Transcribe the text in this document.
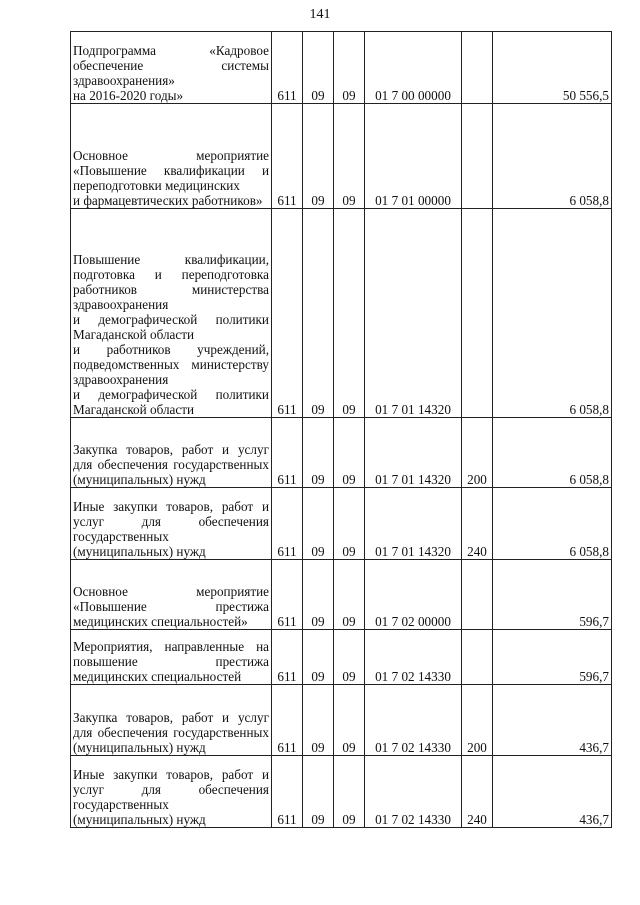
141
Подпрограмма «Кадровое обеспечение системы здравоохранения»
на 2016-2020 годы»	611	09	09	01 7 00 00000		50 556,5

Основное мероприятие «Повышение квалификации и переподготовки медицинских
и фармацевтических работников»	611	09	09	01 7 01 00000		6 058,8

Повышение квалификации, подготовка и переподготовка работников министерства здравоохранения
и демографической политики Магаданской области
и работников учреждений, подведомственных министерству здравоохранения
и демографической политики Магаданской области	611	09	09	01 7 01 14320		6 058,8

Закупка товаров, работ и услуг для обеспечения государственных (муниципальных) нужд	611	09	09	01 7 01 14320	200	6 058,8

Иные закупки товаров, работ и услуг для обеспечения государственных (муниципальных) нужд	611	09	09	01 7 01 14320	240	6 058,8

Основное мероприятие «Повышение престижа медицинских специальностей»	611	09	09	01 7 02 00000		596,7

Мероприятия, направленные на повышение престижа медицинских специальностей	611	09	09	01 7 02 14330		596,7

Закупка товаров, работ и услуг для обеспечения государственных (муниципальных) нужд	611	09	09	01 7 02 14330	200	436,7

Иные закупки товаров, работ и услуг для обеспечения государственных (муниципальных) нужд	611	09	09	01 7 02 14330	240	436,7
